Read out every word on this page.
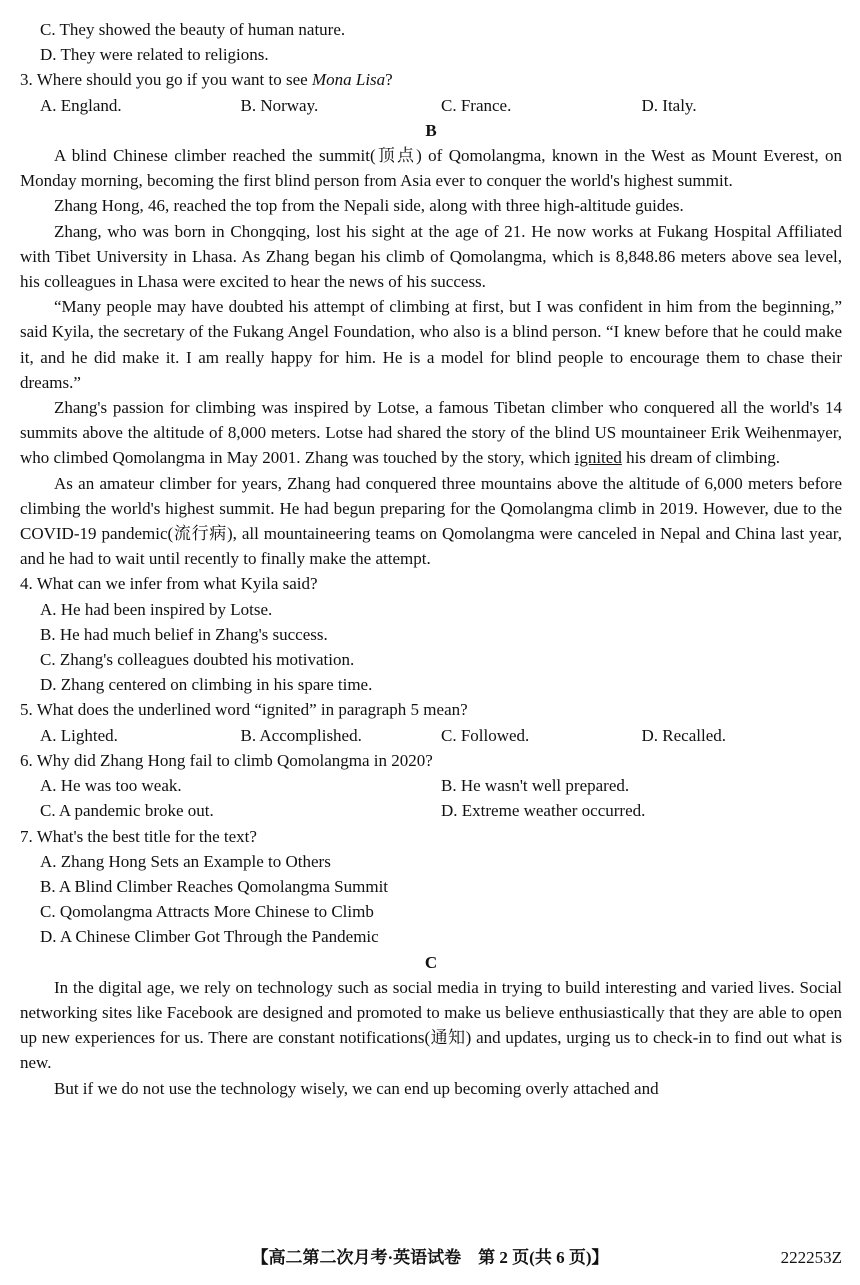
C. They showed the beauty of human nature.
D. They were related to religions.
3. Where should you go if you want to see Mona Lisa?
A. England.	B. Norway.	C. France.	D. Italy.
B
A blind Chinese climber reached the summit(顶点) of Qomolangma, known in the West as Mount Everest, on Monday morning, becoming the first blind person from Asia ever to conquer the world's highest summit.
Zhang Hong, 46, reached the top from the Nepali side, along with three high-altitude guides.
Zhang, who was born in Chongqing, lost his sight at the age of 21. He now works at Fukang Hospital Affiliated with Tibet University in Lhasa. As Zhang began his climb of Qomolangma, which is 8,848.86 meters above sea level, his colleagues in Lhasa were excited to hear the news of his success.
“Many people may have doubted his attempt of climbing at first, but I was confident in him from the beginning,” said Kyila, the secretary of the Fukang Angel Foundation, who also is a blind person. “I knew before that he could make it, and he did make it. I am really happy for him. He is a model for blind people to encourage them to chase their dreams.”
Zhang's passion for climbing was inspired by Lotse, a famous Tibetan climber who conquered all the world's 14 summits above the altitude of 8,000 meters. Lotse had shared the story of the blind US mountaineer Erik Weihenmayer, who climbed Qomolangma in May 2001. Zhang was touched by the story, which ignited his dream of climbing.
As an amateur climber for years, Zhang had conquered three mountains above the altitude of 6,000 meters before climbing the world's highest summit. He had begun preparing for the Qomolangma climb in 2019. However, due to the COVID-19 pandemic(流行病), all mountaineering teams on Qomolangma were canceled in Nepal and China last year, and he had to wait until recently to finally make the attempt.
4. What can we infer from what Kyila said?
A. He had been inspired by Lotse.
B. He had much belief in Zhang's success.
C. Zhang's colleagues doubted his motivation.
D. Zhang centered on climbing in his spare time.
5. What does the underlined word “ignited” in paragraph 5 mean?
A. Lighted.	B. Accomplished.	C. Followed.	D. Recalled.
6. Why did Zhang Hong fail to climb Qomolangma in 2020?
A. He was too weak.	B. He wasn't well prepared.
C. A pandemic broke out.	D. Extreme weather occurred.
7. What's the best title for the text?
A. Zhang Hong Sets an Example to Others
B. A Blind Climber Reaches Qomolangma Summit
C. Qomolangma Attracts More Chinese to Climb
D. A Chinese Climber Got Through the Pandemic
C
In the digital age, we rely on technology such as social media in trying to build interesting and varied lives. Social networking sites like Facebook are designed and promoted to make us believe enthusiastically that they are able to open up new experiences for us. There are constant notifications(通知) and updates, urging us to check-in to find out what is new.
But if we do not use the technology wisely, we can end up becoming overly attached and
【高二第二次月考·英语试卷　第 2 页(共 6 页)】	222253Z
